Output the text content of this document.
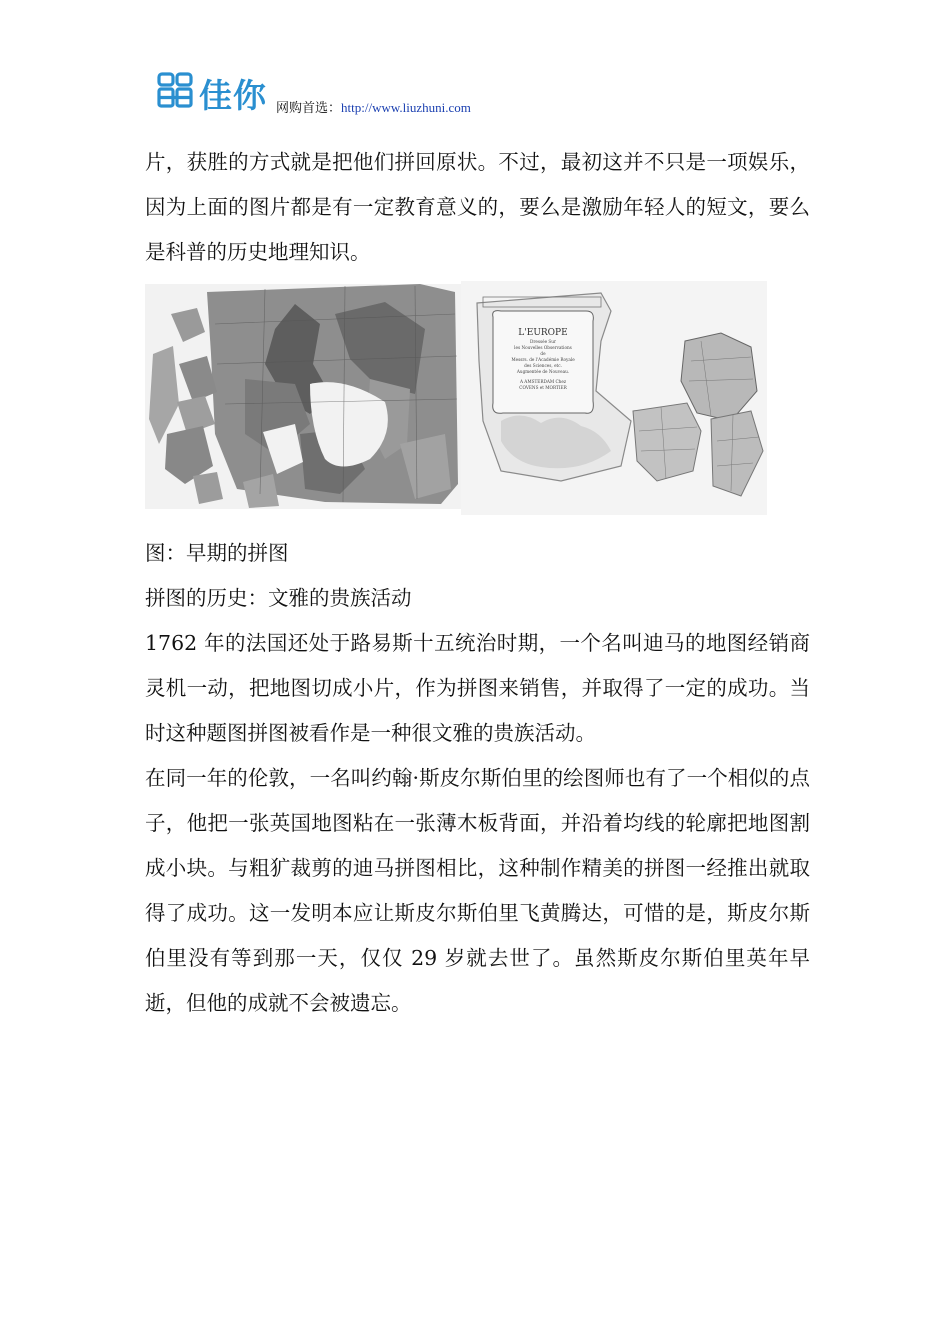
佳你 网购首选：http://www.liuzhuni.com

片，获胜的方式就是把他们拼回原状。不过，最初这并不只是一项娱乐，因为上面的图片都是有一定教育意义的，要么是激励年轻人的短文，要么是科普的历史地理知识。

L'EUROPE
Dressée Sur
les Nouvelles Observations
de
Messrs. de l'Académie Royale
des Sciences, etc.
Augmentée de Nouveau.
A AMSTERDAM Chez
COVENS et MORTIER

图：早期的拼图

拼图的历史：文雅的贵族活动

1762 年的法国还处于路易斯十五统治时期，一个名叫迪马的地图经销商灵机一动，把地图切成小片，作为拼图来销售，并取得了一定的成功。当时这种题图拼图被看作是一种很文雅的贵族活动。

在同一年的伦敦，一名叫约翰·斯皮尔斯伯里的绘图师也有了一个相似的点子，他把一张英国地图粘在一张薄木板背面，并沿着均线的轮廓把地图割成小块。与粗犷裁剪的迪马拼图相比，这种制作精美的拼图一经推出就取得了成功。这一发明本应让斯皮尔斯伯里飞黄腾达，可惜的是，斯皮尔斯伯里没有等到那一天，仅仅 29 岁就去世了。虽然斯皮尔斯伯里英年早逝，但他的成就不会被遗忘。
